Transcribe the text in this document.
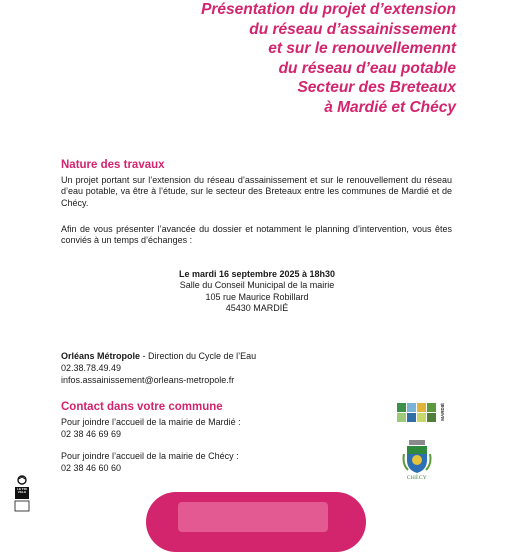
Présentation du projet d’extension
du réseau d’assainissement
et sur le renouvellemennt
du réseau d’eau potable
Secteur des Breteaux
à Mardié et Chécy
Nature des travaux
Un projet portant sur l’extension du réseau d’assainissement et sur le renouvellement du réseau d’eau potable, va être à l’étude, sur le secteur des Breteaux entre les communes de Mardié et de Chécy.
Afin de vous présenter l’avancée du dossier et notamment le planning d’intervention, vous êtes conviés à un temps d’échanges :
Le mardi 16 septembre 2025 à 18h30
Salle du Conseil Municipal de la mairie
105 rue Maurice Robillard
45430 MARDIÉ
Orléans Métropole - Direction du Cycle de l’Eau
02.38.78.49.49
infos.assainissement@orleans-metropole.fr
Contact dans votre commune
Pour joindre l’accueil de la mairie de Mardié :
02 38 46 69 69
Pour joindre l’accueil de la mairie de Chécy :
02 38 46 60 60
MARDIÉ
CHÉCY
LE TRI VILLE
